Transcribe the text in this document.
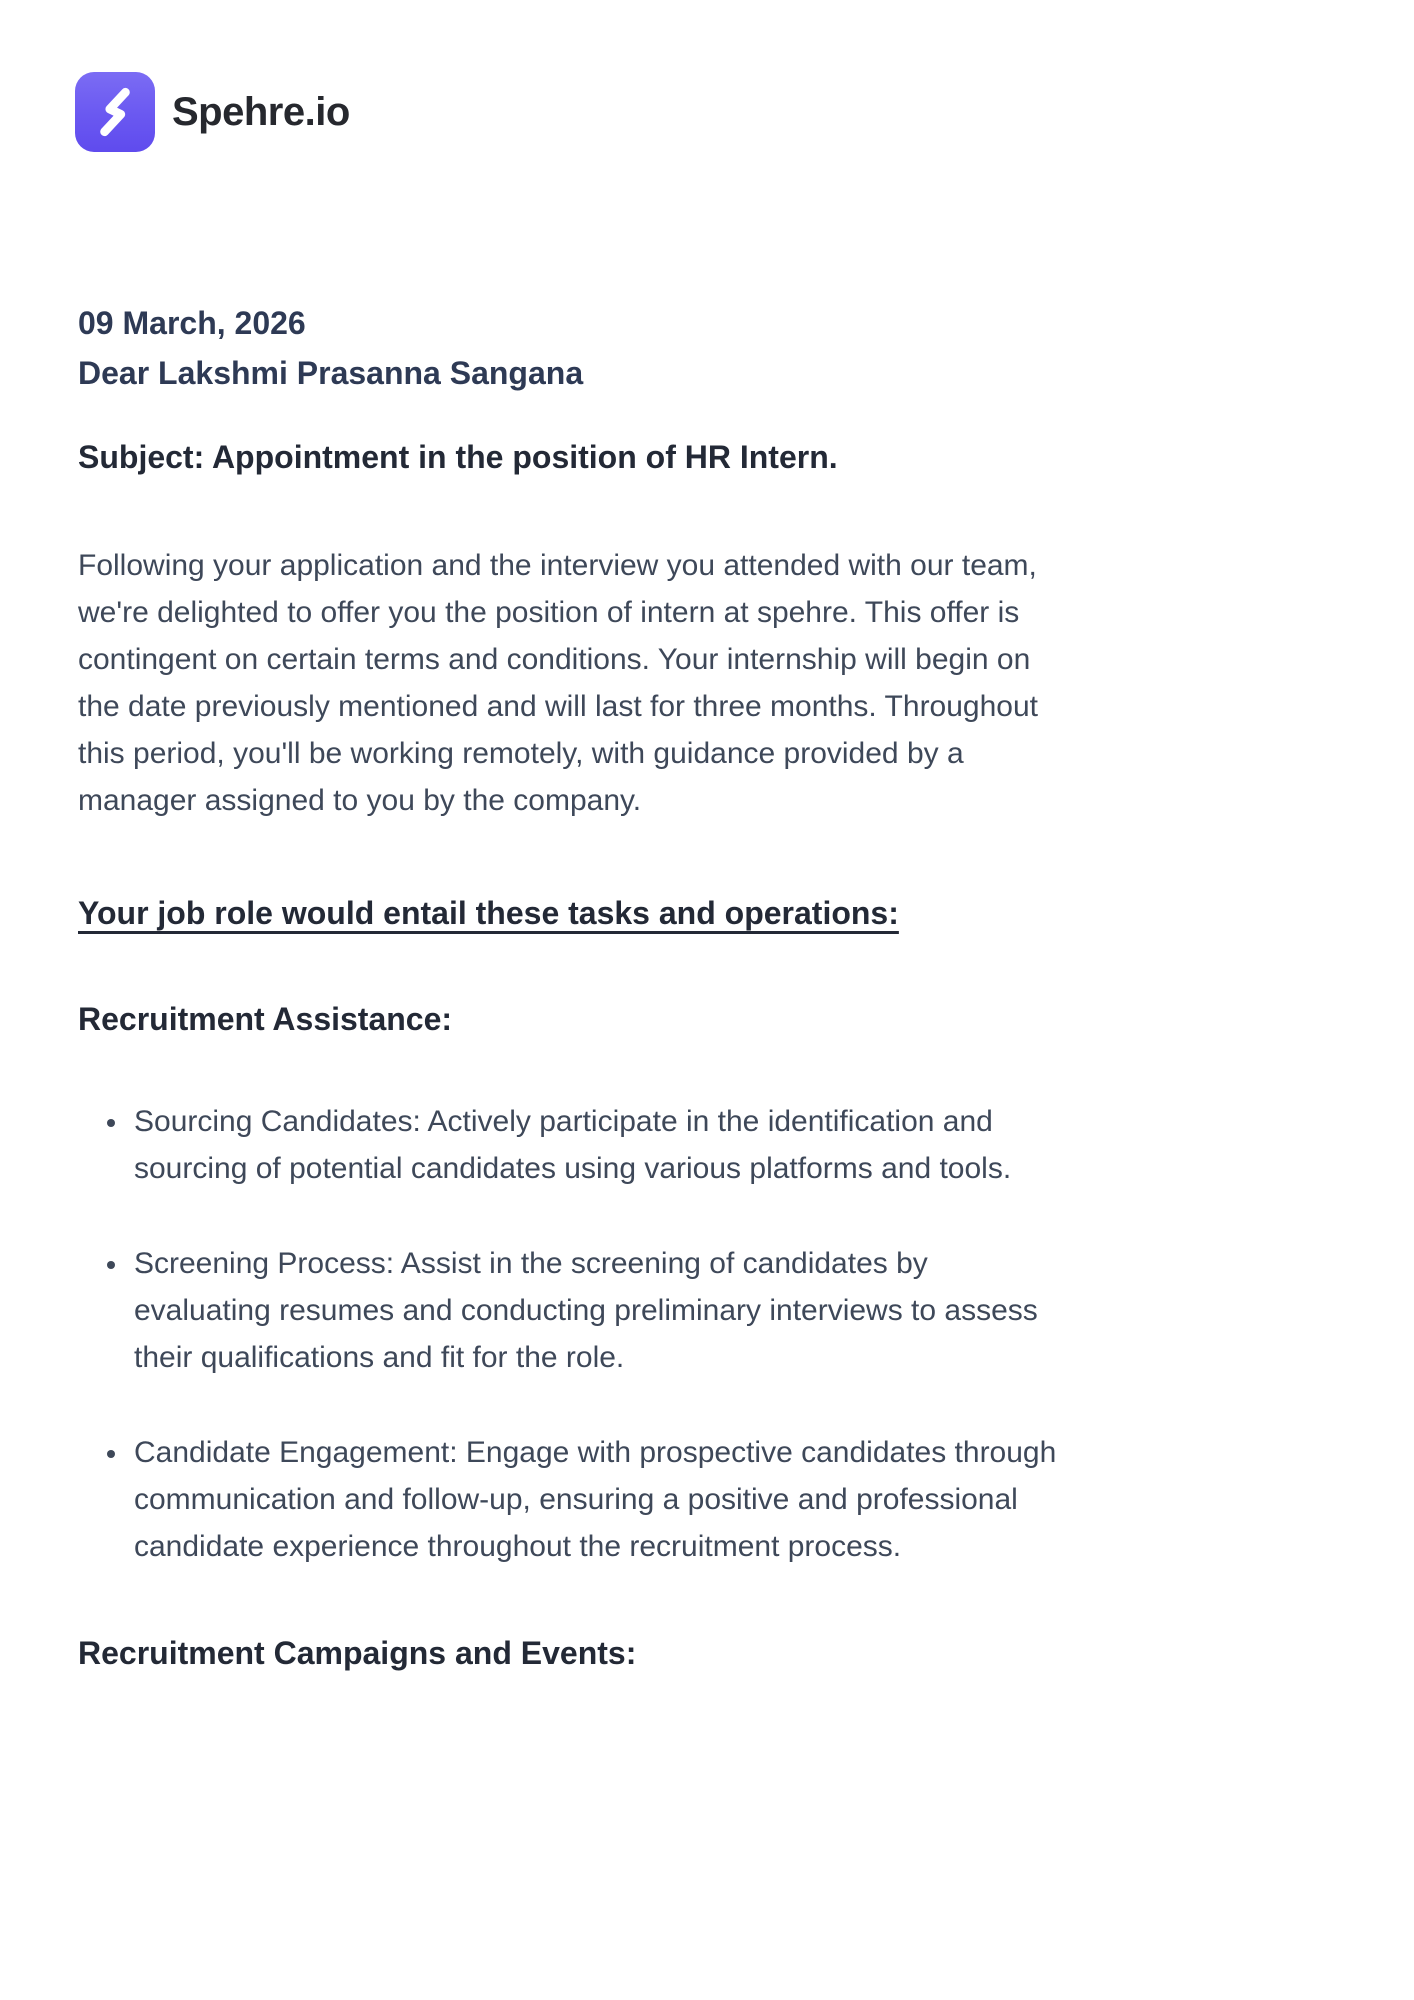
Spehre.io
09 March, 2026
Dear Lakshmi Prasanna Sangana
Subject: Appointment in the position of HR Intern.

Following your application and the interview you attended with our team, we're delighted to offer you the position of intern at spehre. This offer is contingent on certain terms and conditions. Your internship will begin on the date previously mentioned and will last for three months. Throughout this period, you'll be working remotely, with guidance provided by a manager assigned to you by the company.

Your job role would entail these tasks and operations:
Recruitment Assistance:
• Sourcing Candidates: Actively participate in the identification and sourcing of potential candidates using various platforms and tools.
• Screening Process: Assist in the screening of candidates by evaluating resumes and conducting preliminary interviews to assess their qualifications and fit for the role.
• Candidate Engagement: Engage with prospective candidates through communication and follow-up, ensuring a positive and professional candidate experience throughout the recruitment process.
Recruitment Campaigns and Events:
